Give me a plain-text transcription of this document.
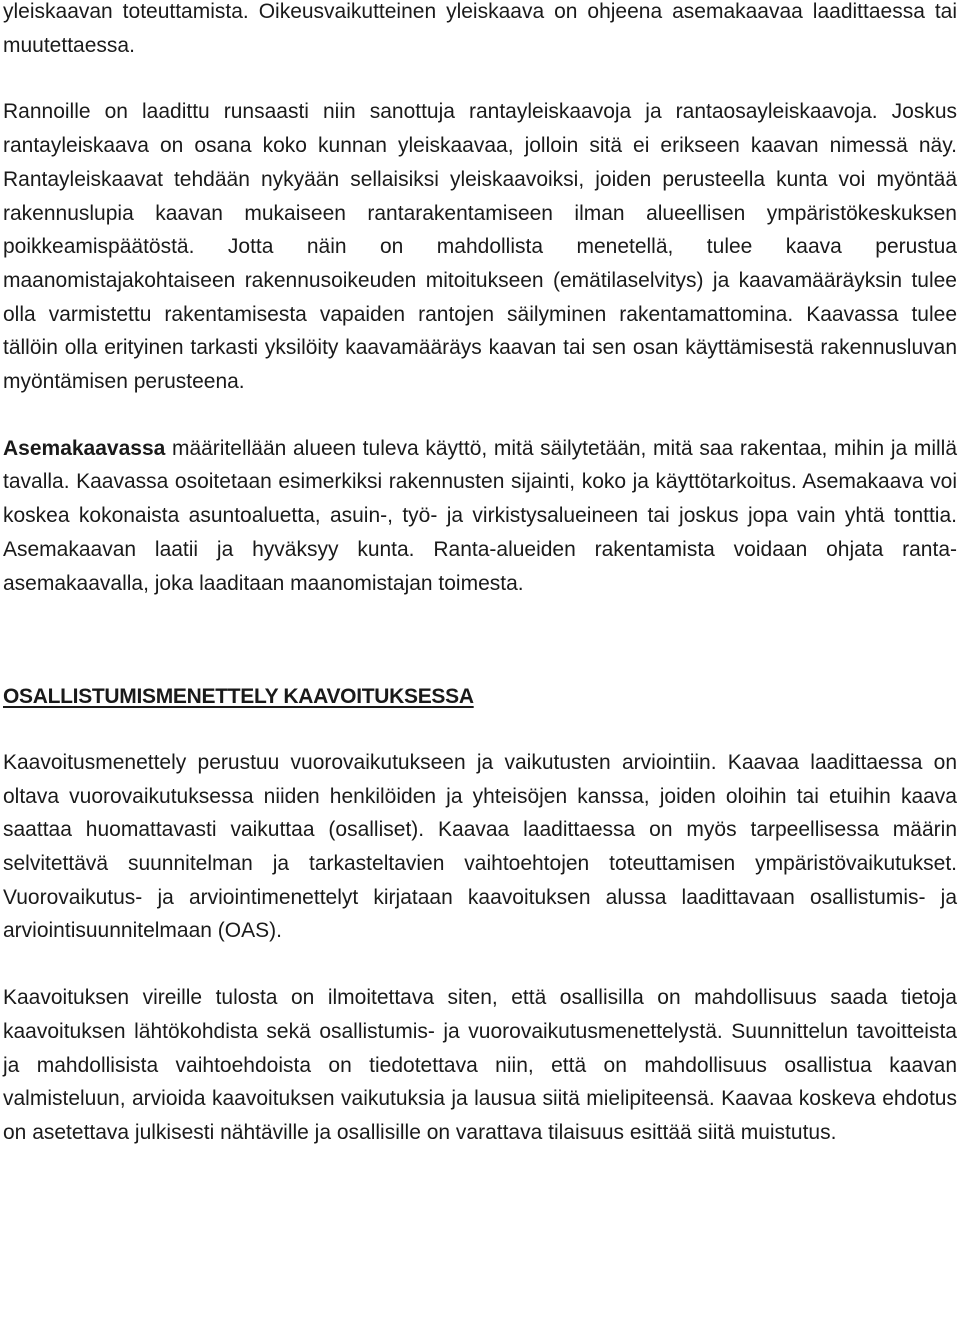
yleiskaavan toteuttamista. Oikeusvaikutteinen yleiskaava on ohjeena asemakaavaa laadittaessa tai muutettaessa.

Rannoille on laadittu runsaasti niin sanottuja rantayleiskaavoja ja rantaosayleiskaavoja. Joskus rantayleiskaava on osana koko kunnan yleiskaavaa, jolloin sitä ei erikseen kaavan nimessä näy. Rantayleiskaavat tehdään nykyään sellaisiksi yleiskaavoiksi, joiden perusteella kunta voi myöntää rakennuslupia kaavan mukaiseen rantarakentamiseen ilman alueellisen ympäristökeskuksen poikkeamispäätöstä. Jotta näin on mahdollista menetellä, tulee kaava perustua maanomistajakohtaiseen rakennusoikeuden mitoitukseen (emätilaselvitys) ja kaavamääräyksin tulee olla varmistettu rakentamisesta vapaiden rantojen säilyminen rakentamattomina. Kaavassa tulee tällöin olla erityinen tarkasti yksilöity kaavamääräys kaavan tai sen osan käyttämisestä rakennusluvan myöntämisen perusteena.

Asemakaavassa määritellään alueen tuleva käyttö, mitä säilytetään, mitä saa rakentaa, mihin ja millä tavalla. Kaavassa osoitetaan esimerkiksi rakennusten sijainti, koko ja käyttötarkoitus. Asemakaava voi koskea kokonaista asuntoaluetta, asuin-, työ- ja virkistysalueineen tai joskus jopa vain yhtä tonttia. Asemakaavan laatii ja hyväksyy kunta. Ranta-alueiden rakentamista voidaan ohjata ranta-asemakaavalla, joka laaditaan maanomistajan toimesta.

OSALLISTUMISMENETTELY KAAVOITUKSESSA

Kaavoitusmenettely perustuu vuorovaikutukseen ja vaikutusten arviointiin. Kaavaa laadittaessa on oltava vuorovaikutuksessa niiden henkilöiden ja yhteisöjen kanssa, joiden oloihin tai etuihin kaava saattaa huomattavasti vaikuttaa (osalliset). Kaavaa laadittaessa on myös tarpeellisessa määrin selvitettävä suunnitelman ja tarkasteltavien vaihtoehtojen toteuttamisen ympäristövaikutukset. Vuorovaikutus- ja arviointimenettelyt kirjataan kaavoituksen alussa laadittavaan osallistumis- ja arviointisuunnitelmaan (OAS).

Kaavoituksen vireille tulosta on ilmoitettava siten, että osallisilla on mahdollisuus saada tietoja kaavoituksen lähtökohdista sekä osallistumis- ja vuorovaikutusmenettelystä. Suunnittelun tavoitteista ja mahdollisista vaihtoehdoista on tiedotettava niin, että on mahdollisuus osallistua kaavan valmisteluun, arvioida kaavoituksen vaikutuksia ja lausua siitä mielipiteensä. Kaavaa koskeva ehdotus on asetettava julkisesti nähtäville ja osallisille on varattava tilaisuus esittää siitä muistutus.
